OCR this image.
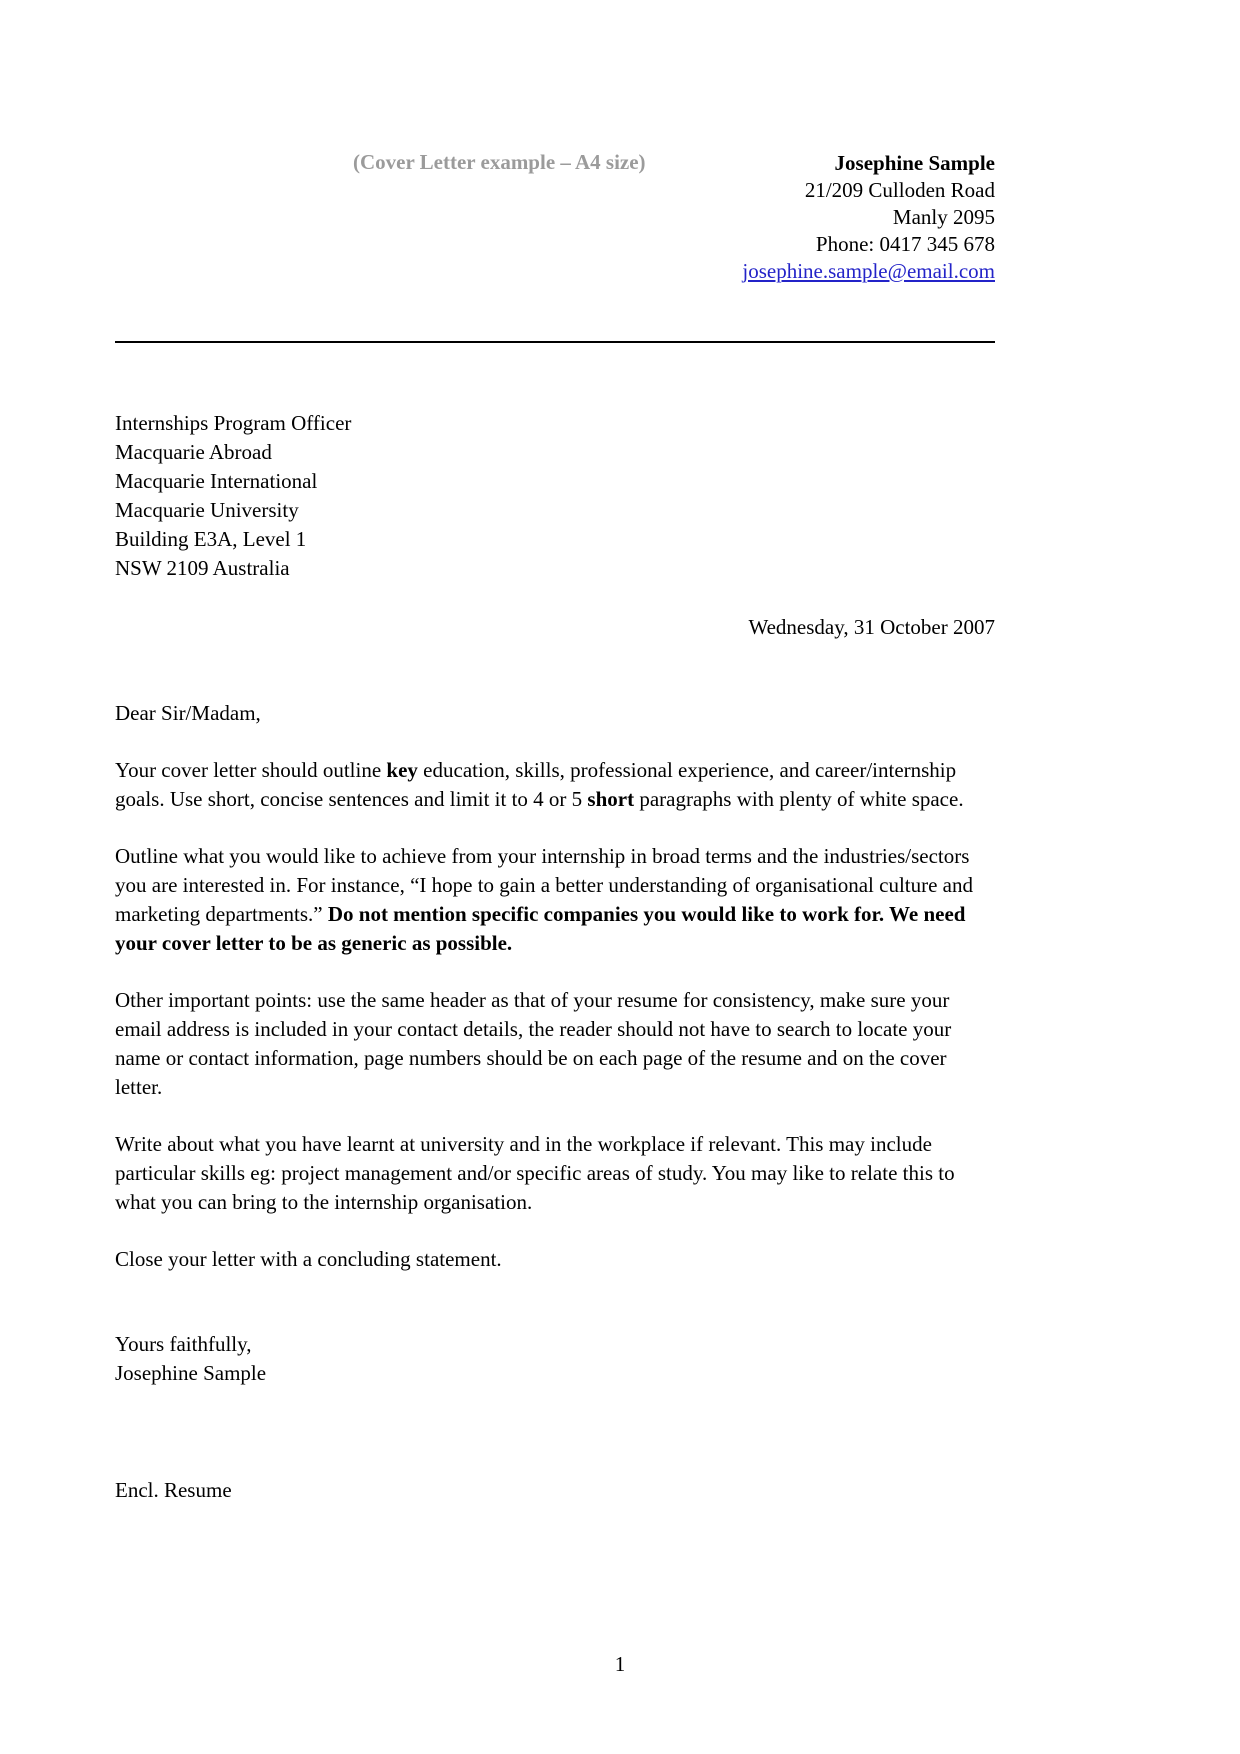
(Cover Letter example – A4 size)	Josephine Sample
21/209 Culloden Road
Manly 2095
Phone: 0417 345 678
josephine.sample@email.com
Internships Program Officer
Macquarie Abroad
Macquarie International
Macquarie University
Building E3A, Level 1
NSW 2109 Australia
Wednesday, 31 October 2007
Dear Sir/Madam,

Your cover letter should outline key education, skills, professional experience, and career/internship goals. Use short, concise sentences and limit it to 4 or 5 short paragraphs with plenty of white space.

Outline what you would like to achieve from your internship in broad terms and the industries/sectors you are interested in. For instance, “I hope to gain a better understanding of organisational culture and marketing departments.” Do not mention specific companies you would like to work for. We need your cover letter to be as generic as possible.

Other important points: use the same header as that of your resume for consistency, make sure your email address is included in your contact details, the reader should not have to search to locate your name or contact information, page numbers should be on each page of the resume and on the cover letter.

Write about what you have learnt at university and in the workplace if relevant. This may include particular skills eg: project management and/or specific areas of study. You may like to relate this to what you can bring to the internship organisation.

Close your letter with a concluding statement.

Yours faithfully,
Josephine Sample
Encl. Resume
1
